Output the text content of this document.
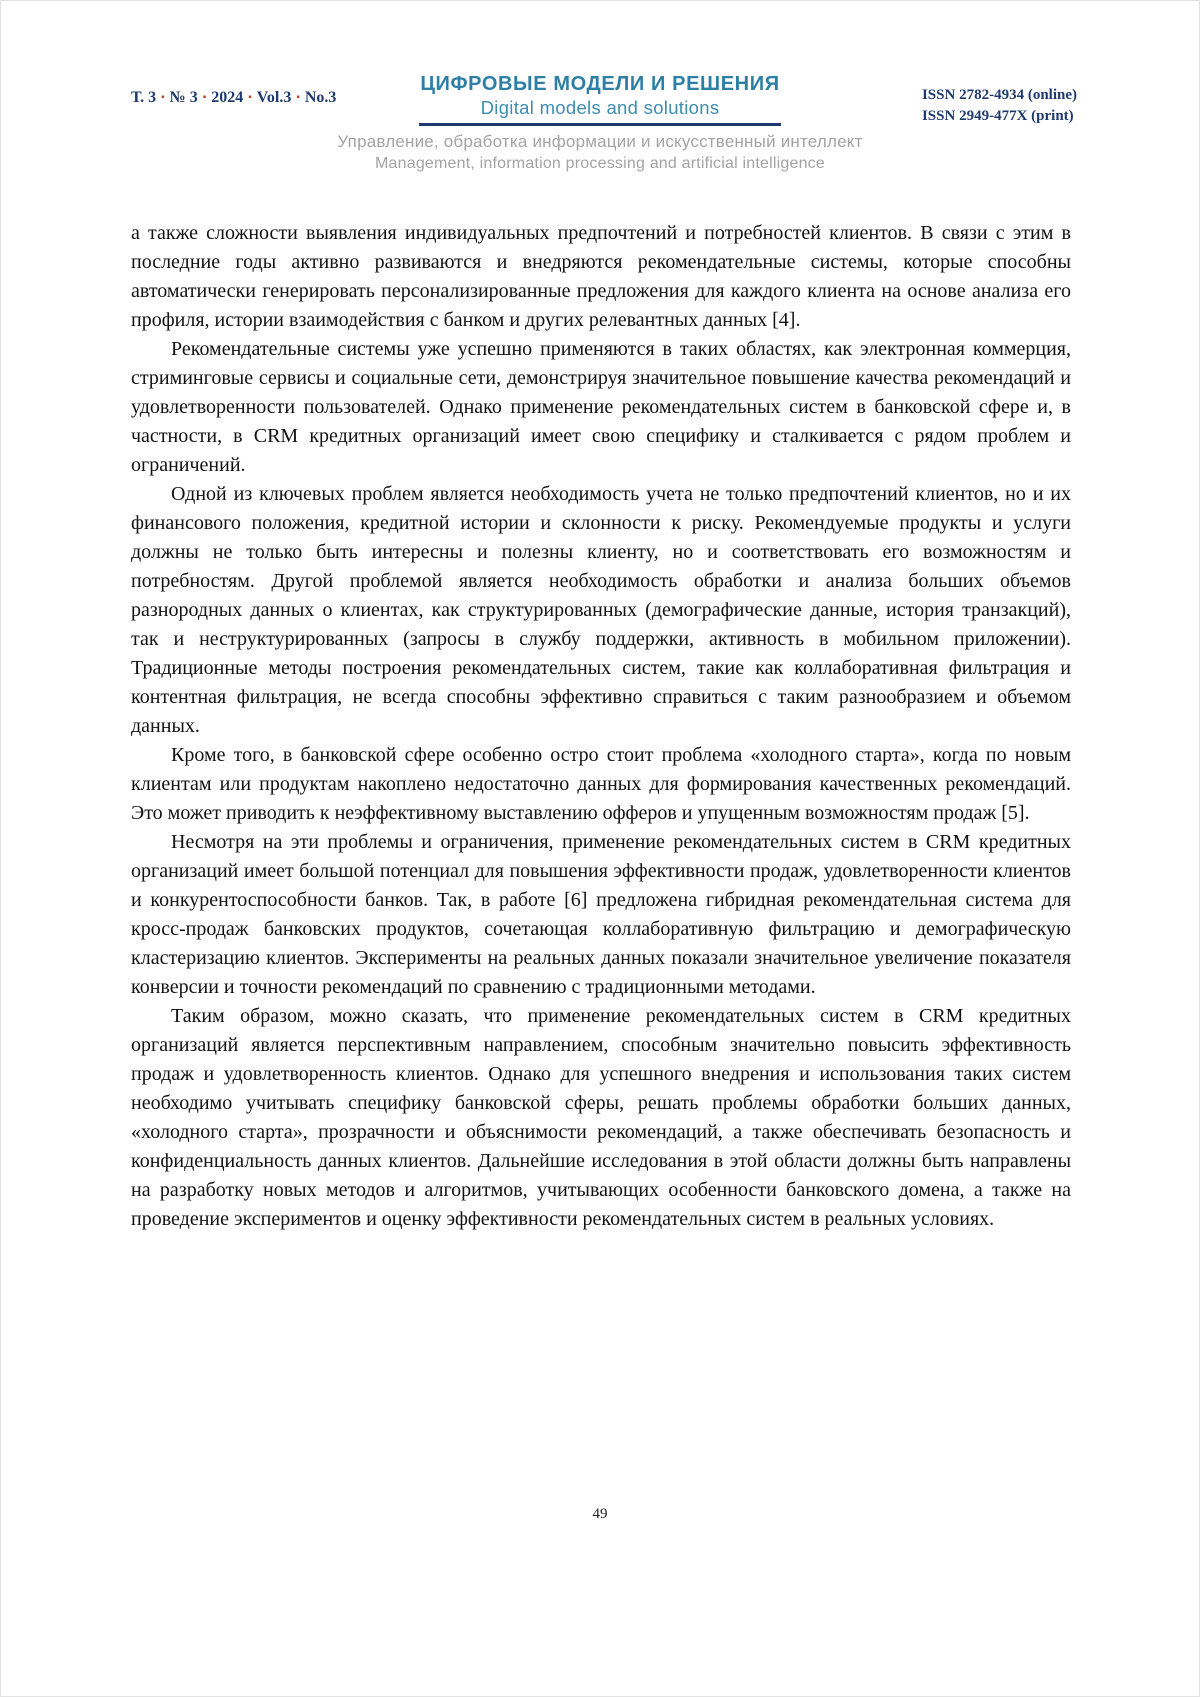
Т. 3 ▪ № 3 ▪ 2024 ▪ Vol.3 ▪ No.3
ЦИФРОВЫЕ МОДЕЛИ И РЕШЕНИЯ
Digital models and solutions
ISSN 2782-4934 (online)
ISSN 2949-477X (print)
Управление, обработка информации и искусственный интеллект
Management, information processing and artificial intelligence

а также сложности выявления индивидуальных предпочтений и потребностей клиентов. В связи с этим в последние годы активно развиваются и внедряются рекомендательные системы, которые способны автоматически генерировать персонализированные предложения для каждого клиента на основе анализа его профиля, истории взаимодействия с банком и других релевантных данных [4].

Рекомендательные системы уже успешно применяются в таких областях, как электронная коммерция, стриминговые сервисы и социальные сети, демонстрируя значительное повышение качества рекомендаций и удовлетворенности пользователей. Однако применение рекомендательных систем в банковской сфере и, в частности, в CRM кредитных организаций имеет свою специфику и сталкивается с рядом проблем и ограничений.

Одной из ключевых проблем является необходимость учета не только предпочтений клиентов, но и их финансового положения, кредитной истории и склонности к риску. Рекомендуемые продукты и услуги должны не только быть интересны и полезны клиенту, но и соответствовать его возможностям и потребностям. Другой проблемой является необходимость обработки и анализа больших объемов разнородных данных о клиентах, как структурированных (демографические данные, история транзакций), так и неструктурированных (запросы в службу поддержки, активность в мобильном приложении). Традиционные методы построения рекомендательных систем, такие как коллаборативная фильтрация и контентная фильтрация, не всегда способны эффективно справиться с таким разнообразием и объемом данных.

Кроме того, в банковской сфере особенно остро стоит проблема «холодного старта», когда по новым клиентам или продуктам накоплено недостаточно данных для формирования качественных рекомендаций. Это может приводить к неэффективному выставлению офферов и упущенным возможностям продаж [5].

Несмотря на эти проблемы и ограничения, применение рекомендательных систем в CRM кредитных организаций имеет большой потенциал для повышения эффективности продаж, удовлетворенности клиентов и конкурентоспособности банков. Так, в работе [6] предложена гибридная рекомендательная система для кросс-продаж банковских продуктов, сочетающая коллаборативную фильтрацию и демографическую кластеризацию клиентов. Эксперименты на реальных данных показали значительное увеличение показателя конверсии и точности рекомендаций по сравнению с традиционными методами.

Таким образом, можно сказать, что применение рекомендательных систем в CRM кредитных организаций является перспективным направлением, способным значительно повысить эффективность продаж и удовлетворенность клиентов. Однако для успешного внедрения и использования таких систем необходимо учитывать специфику банковской сферы, решать проблемы обработки больших данных, «холодного старта», прозрачности и объяснимости рекомендаций, а также обеспечивать безопасность и конфиденциальность данных клиентов. Дальнейшие исследования в этой области должны быть направлены на разработку новых методов и алгоритмов, учитывающих особенности банковского домена, а также на проведение экспериментов и оценку эффективности рекомендательных систем в реальных условиях.

49
